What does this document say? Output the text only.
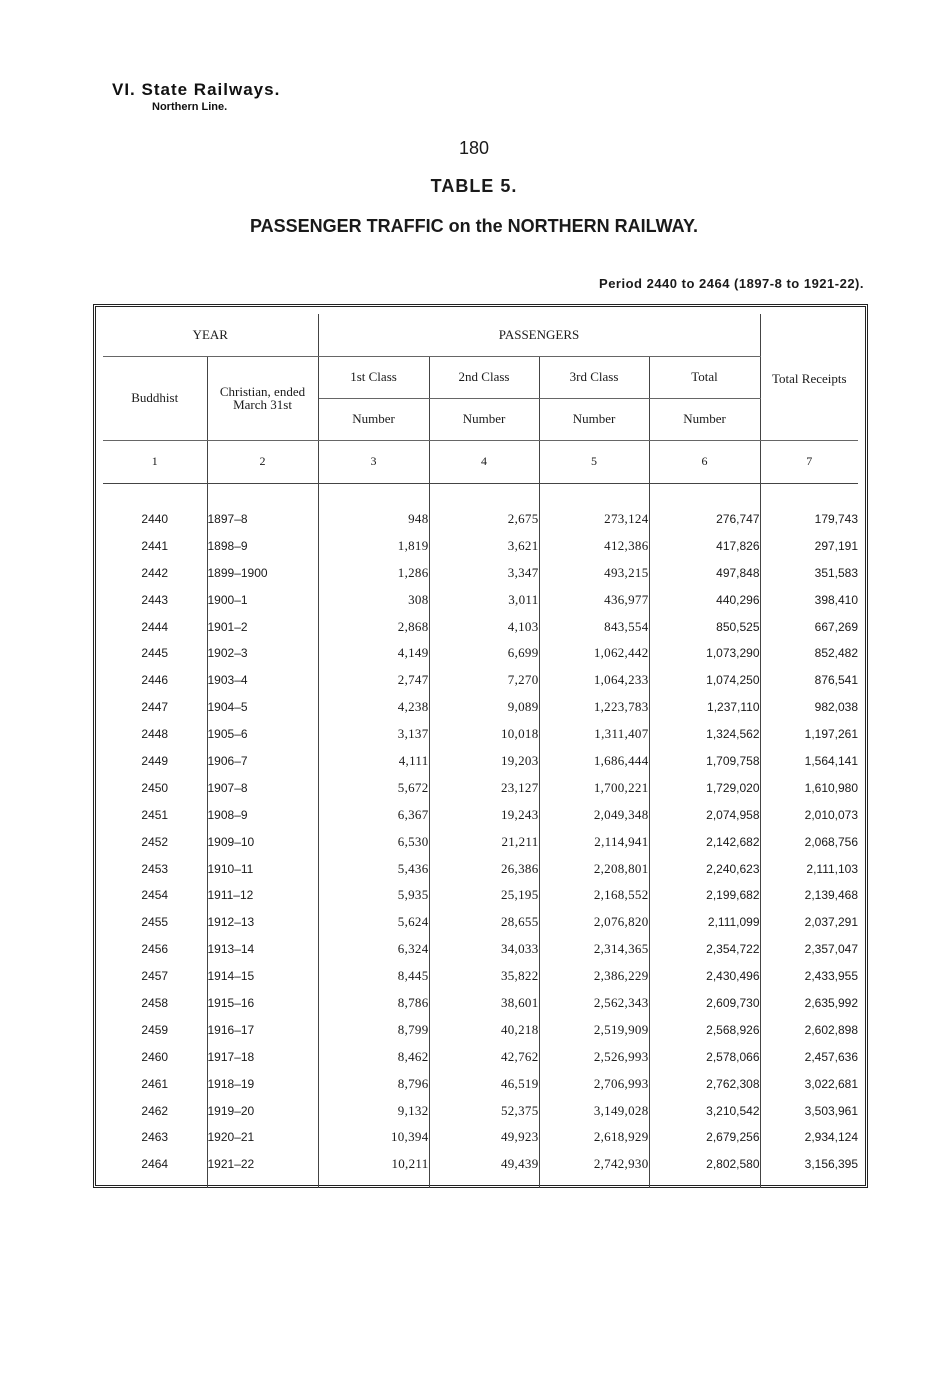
VI. State Railways.
Northern Line.
180
TABLE 5.
PASSENGER TRAFFIC on the NORTHERN RAILWAY.
Period 2440 to 2464 (1897-8 to 1921-22).
YEAR		PASSENGERS				Total Receipts
Buddhist	Christian, ended March 31st	1st Class	2nd Class	3rd Class	Total	
		Number	Number	Number	Number	
1	2	3	4	5	6	7

2440	1897–8	948	2,675	273,124	276,747	179,743
2441	1898–9	1,819	3,621	412,386	417,826	297,191
2442	1899–1900	1,286	3,347	493,215	497,848	351,583
2443	1900–1	308	3,011	436,977	440,296	398,410
2444	1901–2	2,868	4,103	843,554	850,525	667,269
2445	1902–3	4,149	6,699	1,062,442	1,073,290	852,482
2446	1903–4	2,747	7,270	1,064,233	1,074,250	876,541
2447	1904–5	4,238	9,089	1,223,783	1,237,110	982,038
2448	1905–6	3,137	10,018	1,311,407	1,324,562	1,197,261
2449	1906–7	4,111	19,203	1,686,444	1,709,758	1,564,141
2450	1907–8	5,672	23,127	1,700,221	1,729,020	1,610,980
2451	1908–9	6,367	19,243	2,049,348	2,074,958	2,010,073
2452	1909–10	6,530	21,211	2,114,941	2,142,682	2,068,756
2453	1910–11	5,436	26,386	2,208,801	2,240,623	2,111,103
2454	1911–12	5,935	25,195	2,168,552	2,199,682	2,139,468
2455	1912–13	5,624	28,655	2,076,820	2,111,099	2,037,291
2456	1913–14	6,324	34,033	2,314,365	2,354,722	2,357,047
2457	1914–15	8,445	35,822	2,386,229	2,430,496	2,433,955
2458	1915–16	8,786	38,601	2,562,343	2,609,730	2,635,992
2459	1916–17	8,799	40,218	2,519,909	2,568,926	2,602,898
2460	1917–18	8,462	42,762	2,526,993	2,578,066	2,457,636
2461	1918–19	8,796	46,519	2,706,993	2,762,308	3,022,681
2462	1919–20	9,132	52,375	3,149,028	3,210,542	3,503,961
2463	1920–21	10,394	49,923	2,618,929	2,679,256	2,934,124
2464	1921–22	10,211	49,439	2,742,930	2,802,580	3,156,395
